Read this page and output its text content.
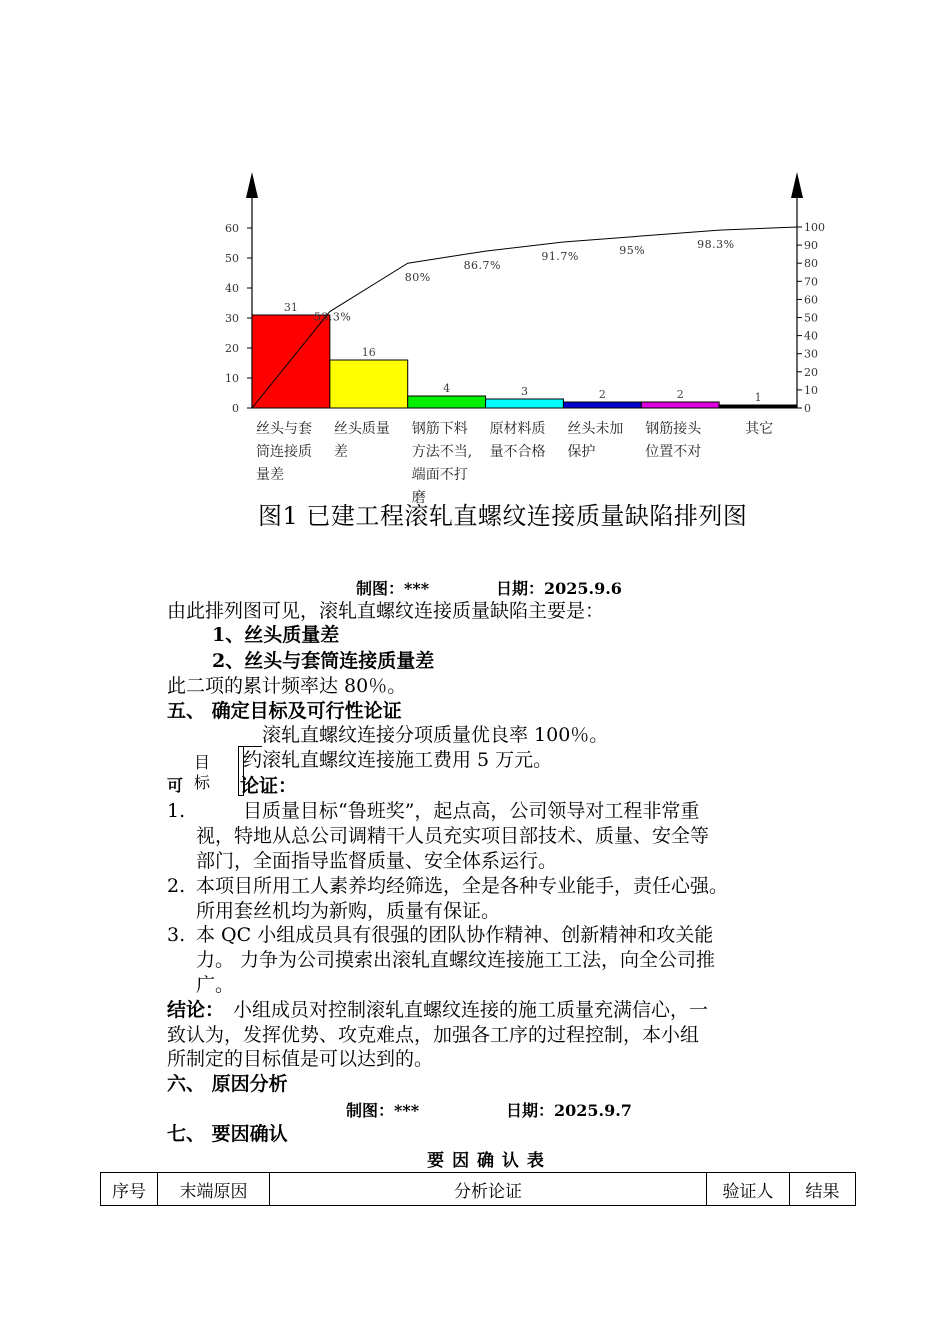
0
10
20
30
40
50
60
0
10
20
30
40
50
60
70
80
90
100
31
16
4	3	2	2	1
53.3%
80%
86.7%
91.7%	95%	98.3%
丝头与套
筒连接质
量差
丝头质量
差
钢筋下料
方法不当,
端面不打
磨
原材料质
量不合格
丝头未加
保护
钢筋接头
位置不对
其它
图1 已建工程滚轧直螺纹连接质量缺陷排列图
制图：***	日期：2025.9.6
由此排列图可见，滚轧直螺纹连接质量缺陷主要是：
1、丝头质量差
2、丝头与套筒连接质量差
此二项的累计频率达 80％。
五、 确定目标及可行性论证
滚轧直螺纹连接分项质量优良率 100％。
目
标
约滚轧直螺纹连接施工费用 5 万元。
可	论证：
1.	目质量目标“鲁班奖”，起点高，公司领导对工程非常重
视，特地从总公司调精干人员充实项目部技术、质量、安全等
部门，全面指导监督质量、安全体系运行。
2. 本项目所用工人素养均经筛选，全是各种专业能手，责任心强。
所用套丝机均为新购，质量有保证。
3. 本 QC 小组成员具有很强的团队协作精神、创新精神和攻关能
力。 力争为公司摸索出滚轧直螺纹连接施工工法，向全公司推
广。
结论： 小组成员对控制滚轧直螺纹连接的施工质量充满信心，一
致认为，发挥优势、攻克难点，加强各工序的过程控制，本小组
所制定的目标值是可以达到的。
六、 原因分析
制图：***	日期：2025.9.7
七、 要因确认
要 因 确 认 表
序号	末端原因	分析论证	验证人	结果
